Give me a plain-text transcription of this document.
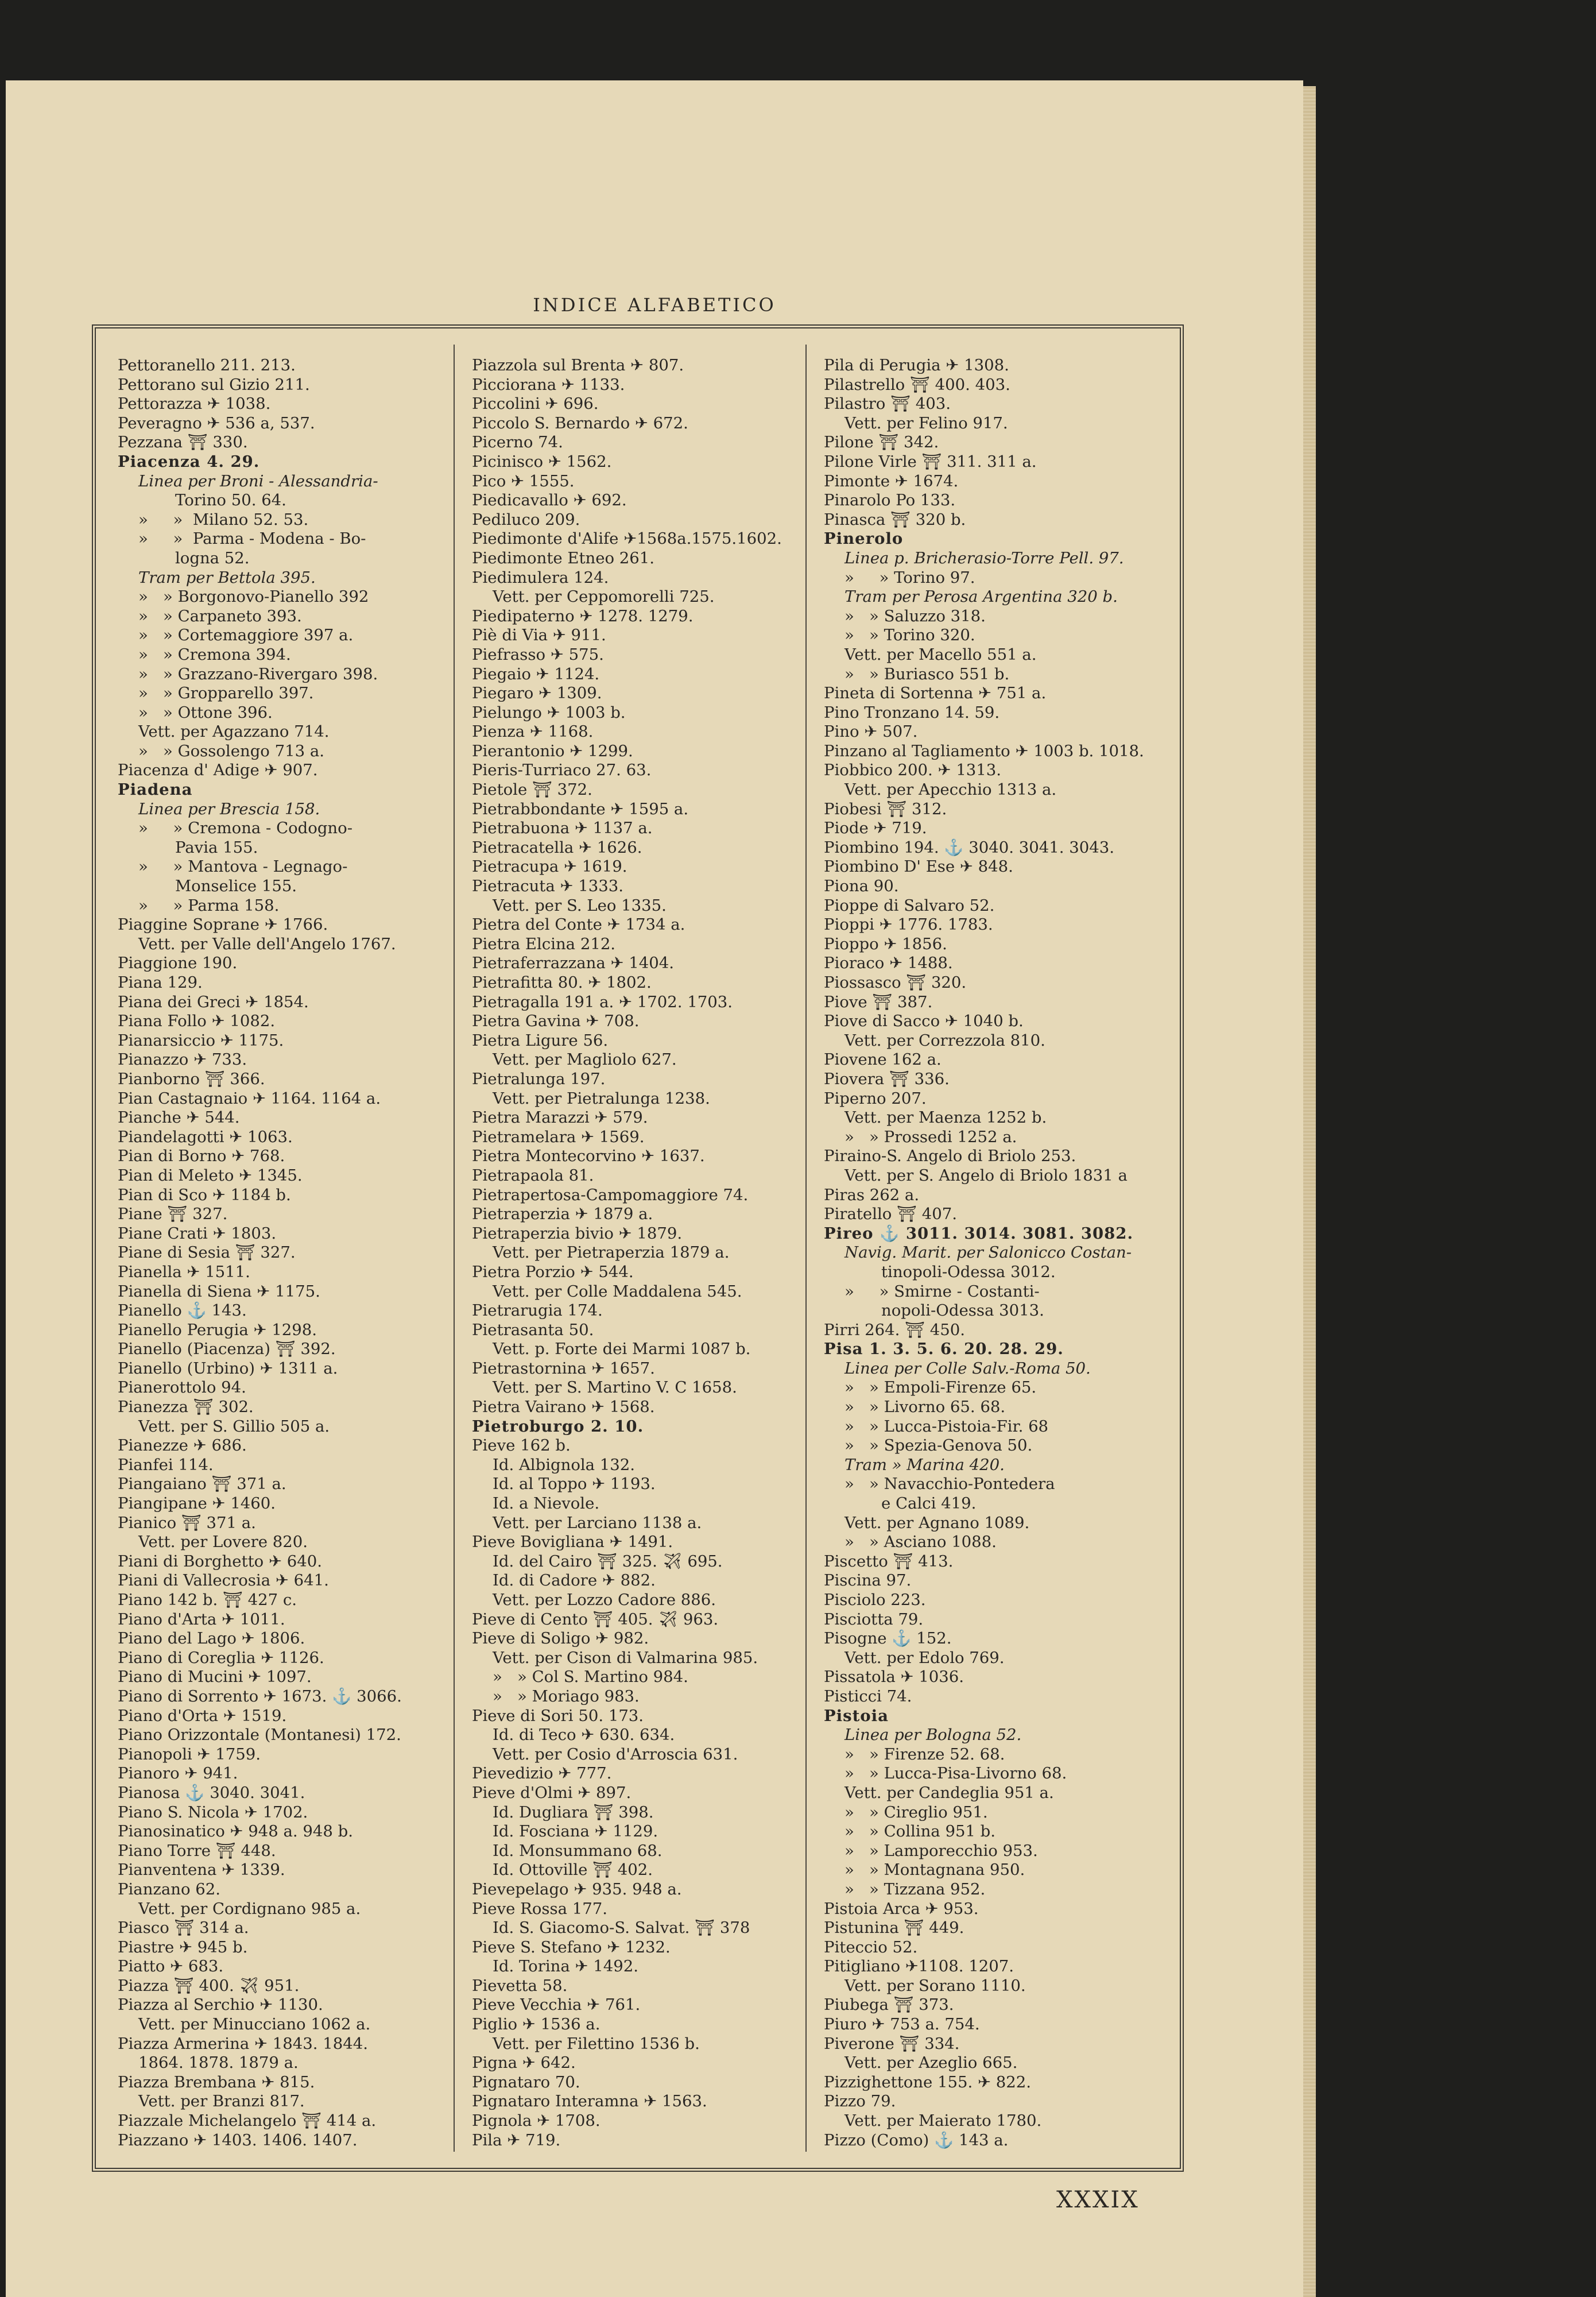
INDICE ALFABETICO
Pettoranello 211. 213.
Pettorano sul Gizio 211.
Pettorazza ✈ 1038.
Peveragno ✈ 536 a, 537.
Pezzana ⛩ 330.
Piacenza 4. 29.
Linea per Broni - Alessandria-
Torino 50. 64.
»     »  Milano 52. 53.
»     »  Parma - Modena - Bo-
logna 52.
Tram per Bettola 395.
»   » Borgonovo-Pianello 392
»   » Carpaneto 393.
»   » Cortemaggiore 397 a.
»   » Cremona 394.
»   » Grazzano-Rivergaro 398.
»   » Gropparello 397.
»   » Ottone 396.
Vett. per Agazzano 714.
»   » Gossolengo 713 a.
Piacenza d' Adige ✈ 907.
Piadena
Linea per Brescia 158.
»     » Cremona - Codogno-
Pavia 155.
»     » Mantova - Legnago-
Monselice 155.
»     » Parma 158.
Piaggine Soprane ✈ 1766.
Vett. per Valle dell'Angelo 1767.
Piaggione 190.
Piana 129.
Piana dei Greci ✈ 1854.
Piana Follo ✈ 1082.
Pianarsiccio ✈ 1175.
Pianazzo ✈ 733.
Pianborno ⛩ 366.
Pian Castagnaio ✈ 1164. 1164 a.
Pianche ✈ 544.
Piandelagotti ✈ 1063.
Pian di Borno ✈ 768.
Pian di Meleto ✈ 1345.
Pian di Sco ✈ 1184 b.
Piane ⛩ 327.
Piane Crati ✈ 1803.
Piane di Sesia ⛩ 327.
Pianella ✈ 1511.
Pianella di Siena ✈ 1175.
Pianello ⚓ 143.
Pianello Perugia ✈ 1298.
Pianello (Piacenza) ⛩ 392.
Pianello (Urbino) ✈ 1311 a.
Pianerottolo 94.
Pianezza ⛩ 302.
Vett. per S. Gillio 505 a.
Pianezze ✈ 686.
Pianfei 114.
Piangaiano ⛩ 371 a.
Piangipane ✈ 1460.
Pianico ⛩ 371 a.
Vett. per Lovere 820.
Piani di Borghetto ✈ 640.
Piani di Vallecrosia ✈ 641.
Piano 142 b. ⛩ 427 c.
Piano d'Arta ✈ 1011.
Piano del Lago ✈ 1806.
Piano di Coreglia ✈ 1126.
Piano di Mucini ✈ 1097.
Piano di Sorrento ✈ 1673. ⚓ 3066.
Piano d'Orta ✈ 1519.
Piano Orizzontale (Montanesi) 172.
Pianopoli ✈ 1759.
Pianoro ✈ 941.
Pianosa ⚓ 3040. 3041.
Piano S. Nicola ✈ 1702.
Pianosinatico ✈ 948 a. 948 b.
Piano Torre ⛩ 448.
Pianventena ✈ 1339.
Pianzano 62.
Vett. per Cordignano 985 a.
Piasco ⛩ 314 a.
Piastre ✈ 945 b.
Piatto ✈ 683.
Piazza ⛩ 400. ✈ 951.
Piazza al Serchio ✈ 1130.
Vett. per Minucciano 1062 a.
Piazza Armerina ✈ 1843. 1844.
1864. 1878. 1879 a.
Piazza Brembana ✈ 815.
Vett. per Branzi 817.
Piazzale Michelangelo ⛩ 414 a.
Piazzano ✈ 1403. 1406. 1407.
Piazzola sul Brenta ✈ 807.
Picciorana ✈ 1133.
Piccolini ✈ 696.
Piccolo S. Bernardo ✈ 672.
Picerno 74.
Picinisco ✈ 1562.
Pico ✈ 1555.
Piedicavallo ✈ 692.
Pediluco 209.
Piedimonte d'Alife ✈1568a.1575.1602.
Piedimonte Etneo 261.
Piedimulera 124.
Vett. per Ceppomorelli 725.
Piedipaterno ✈ 1278. 1279.
Piè di Via ✈ 911.
Piefrasso ✈ 575.
Piegaio ✈ 1124.
Piegaro ✈ 1309.
Pielungo ✈ 1003 b.
Pienza ✈ 1168.
Pierantonio ✈ 1299.
Pieris-Turriaco 27. 63.
Pietole ⛩ 372.
Pietrabbondante ✈ 1595 a.
Pietrabuona ✈ 1137 a.
Pietracatella ✈ 1626.
Pietracupa ✈ 1619.
Pietracuta ✈ 1333.
Vett. per S. Leo 1335.
Pietra del Conte ✈ 1734 a.
Pietra Elcina 212.
Pietraferrazzana ✈ 1404.
Pietrafitta 80. ✈ 1802.
Pietragalla 191 a. ✈ 1702. 1703.
Pietra Gavina ✈ 708.
Pietra Ligure 56.
Vett. per Magliolo 627.
Pietralunga 197.
Vett. per Pietralunga 1238.
Pietra Marazzi ✈ 579.
Pietramelara ✈ 1569.
Pietra Montecorvino ✈ 1637.
Pietrapaola 81.
Pietrapertosa-Campomaggiore 74.
Pietraperzia ✈ 1879 a.
Pietraperzia bivio ✈ 1879.
Vett. per Pietraperzia 1879 a.
Pietra Porzio ✈ 544.
Vett. per Colle Maddalena 545.
Pietrarugia 174.
Pietrasanta 50.
Vett. p. Forte dei Marmi 1087 b.
Pietrastornina ✈ 1657.
Vett. per S. Martino V. C 1658.
Pietra Vairano ✈ 1568.
Pietroburgo 2. 10.
Pieve 162 b.
Id. Albignola 132.
Id. al Toppo ✈ 1193.
Id. a Nievole.
Vett. per Larciano 1138 a.
Pieve Bovigliana ✈ 1491.
Id. del Cairo ⛩ 325. ✈ 695.
Id. di Cadore ✈ 882.
Vett. per Lozzo Cadore 886.
Pieve di Cento ⛩ 405. ✈ 963.
Pieve di Soligo ✈ 982.
Vett. per Cison di Valmarina 985.
»   » Col S. Martino 984.
»   » Moriago 983.
Pieve di Sori 50. 173.
Id. di Teco ✈ 630. 634.
Vett. per Cosio d'Arroscia 631.
Pievedizio ✈ 777.
Pieve d'Olmi ✈ 897.
Id. Dugliara ⛩ 398.
Id. Fosciana ✈ 1129.
Id. Monsummano 68.
Id. Ottoville ⛩ 402.
Pievepelago ✈ 935. 948 a.
Pieve Rossa 177.
Id. S. Giacomo-S. Salvat. ⛩ 378
Pieve S. Stefano ✈ 1232.
Id. Torina ✈ 1492.
Pievetta 58.
Pieve Vecchia ✈ 761.
Piglio ✈ 1536 a.
Vett. per Filettino 1536 b.
Pigna ✈ 642.
Pignataro 70.
Pignataro Interamna ✈ 1563.
Pignola ✈ 1708.
Pila ✈ 719.
Pila di Perugia ✈ 1308.
Pilastrello ⛩ 400. 403.
Pilastro ⛩ 403.
Vett. per Felino 917.
Pilone ⛩ 342.
Pilone Virle ⛩ 311. 311 a.
Pimonte ✈ 1674.
Pinarolo Po 133.
Pinasca ⛩ 320 b.
Pinerolo
Linea p. Bricherasio-Torre Pell. 97.
»     » Torino 97.
Tram per Perosa Argentina 320 b.
»   » Saluzzo 318.
»   » Torino 320.
Vett. per Macello 551 a.
»   » Buriasco 551 b.
Pineta di Sortenna ✈ 751 a.
Pino Tronzano 14. 59.
Pino ✈ 507.
Pinzano al Tagliamento ✈ 1003 b. 1018.
Piobbico 200. ✈ 1313.
Vett. per Apecchio 1313 a.
Piobesi ⛩ 312.
Piode ✈ 719.
Piombino 194. ⚓ 3040. 3041. 3043.
Piombino D' Ese ✈ 848.
Piona 90.
Pioppe di Salvaro 52.
Pioppi ✈ 1776. 1783.
Pioppo ✈ 1856.
Pioraco ✈ 1488.
Piossasco ⛩ 320.
Piove ⛩ 387.
Piove di Sacco ✈ 1040 b.
Vett. per Correzzola 810.
Piovene 162 a.
Piovera ⛩ 336.
Piperno 207.
Vett. per Maenza 1252 b.
»   » Prossedi 1252 a.
Piraino-S. Angelo di Briolo 253.
Vett. per S. Angelo di Briolo 1831 a
Piras 262 a.
Piratello ⛩ 407.
Pireo ⚓ 3011. 3014. 3081. 3082.
Navig. Marit. per Salonicco Costan-
tinopoli-Odessa 3012.
»     » Smirne - Costanti-
nopoli-Odessa 3013.
Pirri 264. ⛩ 450.
Pisa 1. 3. 5. 6. 20. 28. 29.
Linea per Colle Salv.-Roma 50.
»   » Empoli-Firenze 65.
»   » Livorno 65. 68.
»   » Lucca-Pistoia-Fir. 68
»   » Spezia-Genova 50.
Tram » Marina 420.
»   » Navacchio-Pontedera
e Calci 419.
Vett. per Agnano 1089.
»   » Asciano 1088.
Piscetto ⛩ 413.
Piscina 97.
Pisciolo 223.
Pisciotta 79.
Pisogne ⚓ 152.
Vett. per Edolo 769.
Pissatola ✈ 1036.
Pisticci 74.
Pistoia
Linea per Bologna 52.
»   » Firenze 52. 68.
»   » Lucca-Pisa-Livorno 68.
Vett. per Candeglia 951 a.
»   » Cireglio 951.
»   » Collina 951 b.
»   » Lamporecchio 953.
»   » Montagnana 950.
»   » Tizzana 952.
Pistoia Arca ✈ 953.
Pistunina ⛩ 449.
Piteccio 52.
Pitigliano ✈1108. 1207.
Vett. per Sorano 1110.
Piubega ⛩ 373.
Piuro ✈ 753 a. 754.
Piverone ⛩ 334.
Vett. per Azeglio 665.
Pizzighettone 155. ✈ 822.
Pizzo 79.
Vett. per Maierato 1780.
Pizzo (Como) ⚓ 143 a.
XXXIX
